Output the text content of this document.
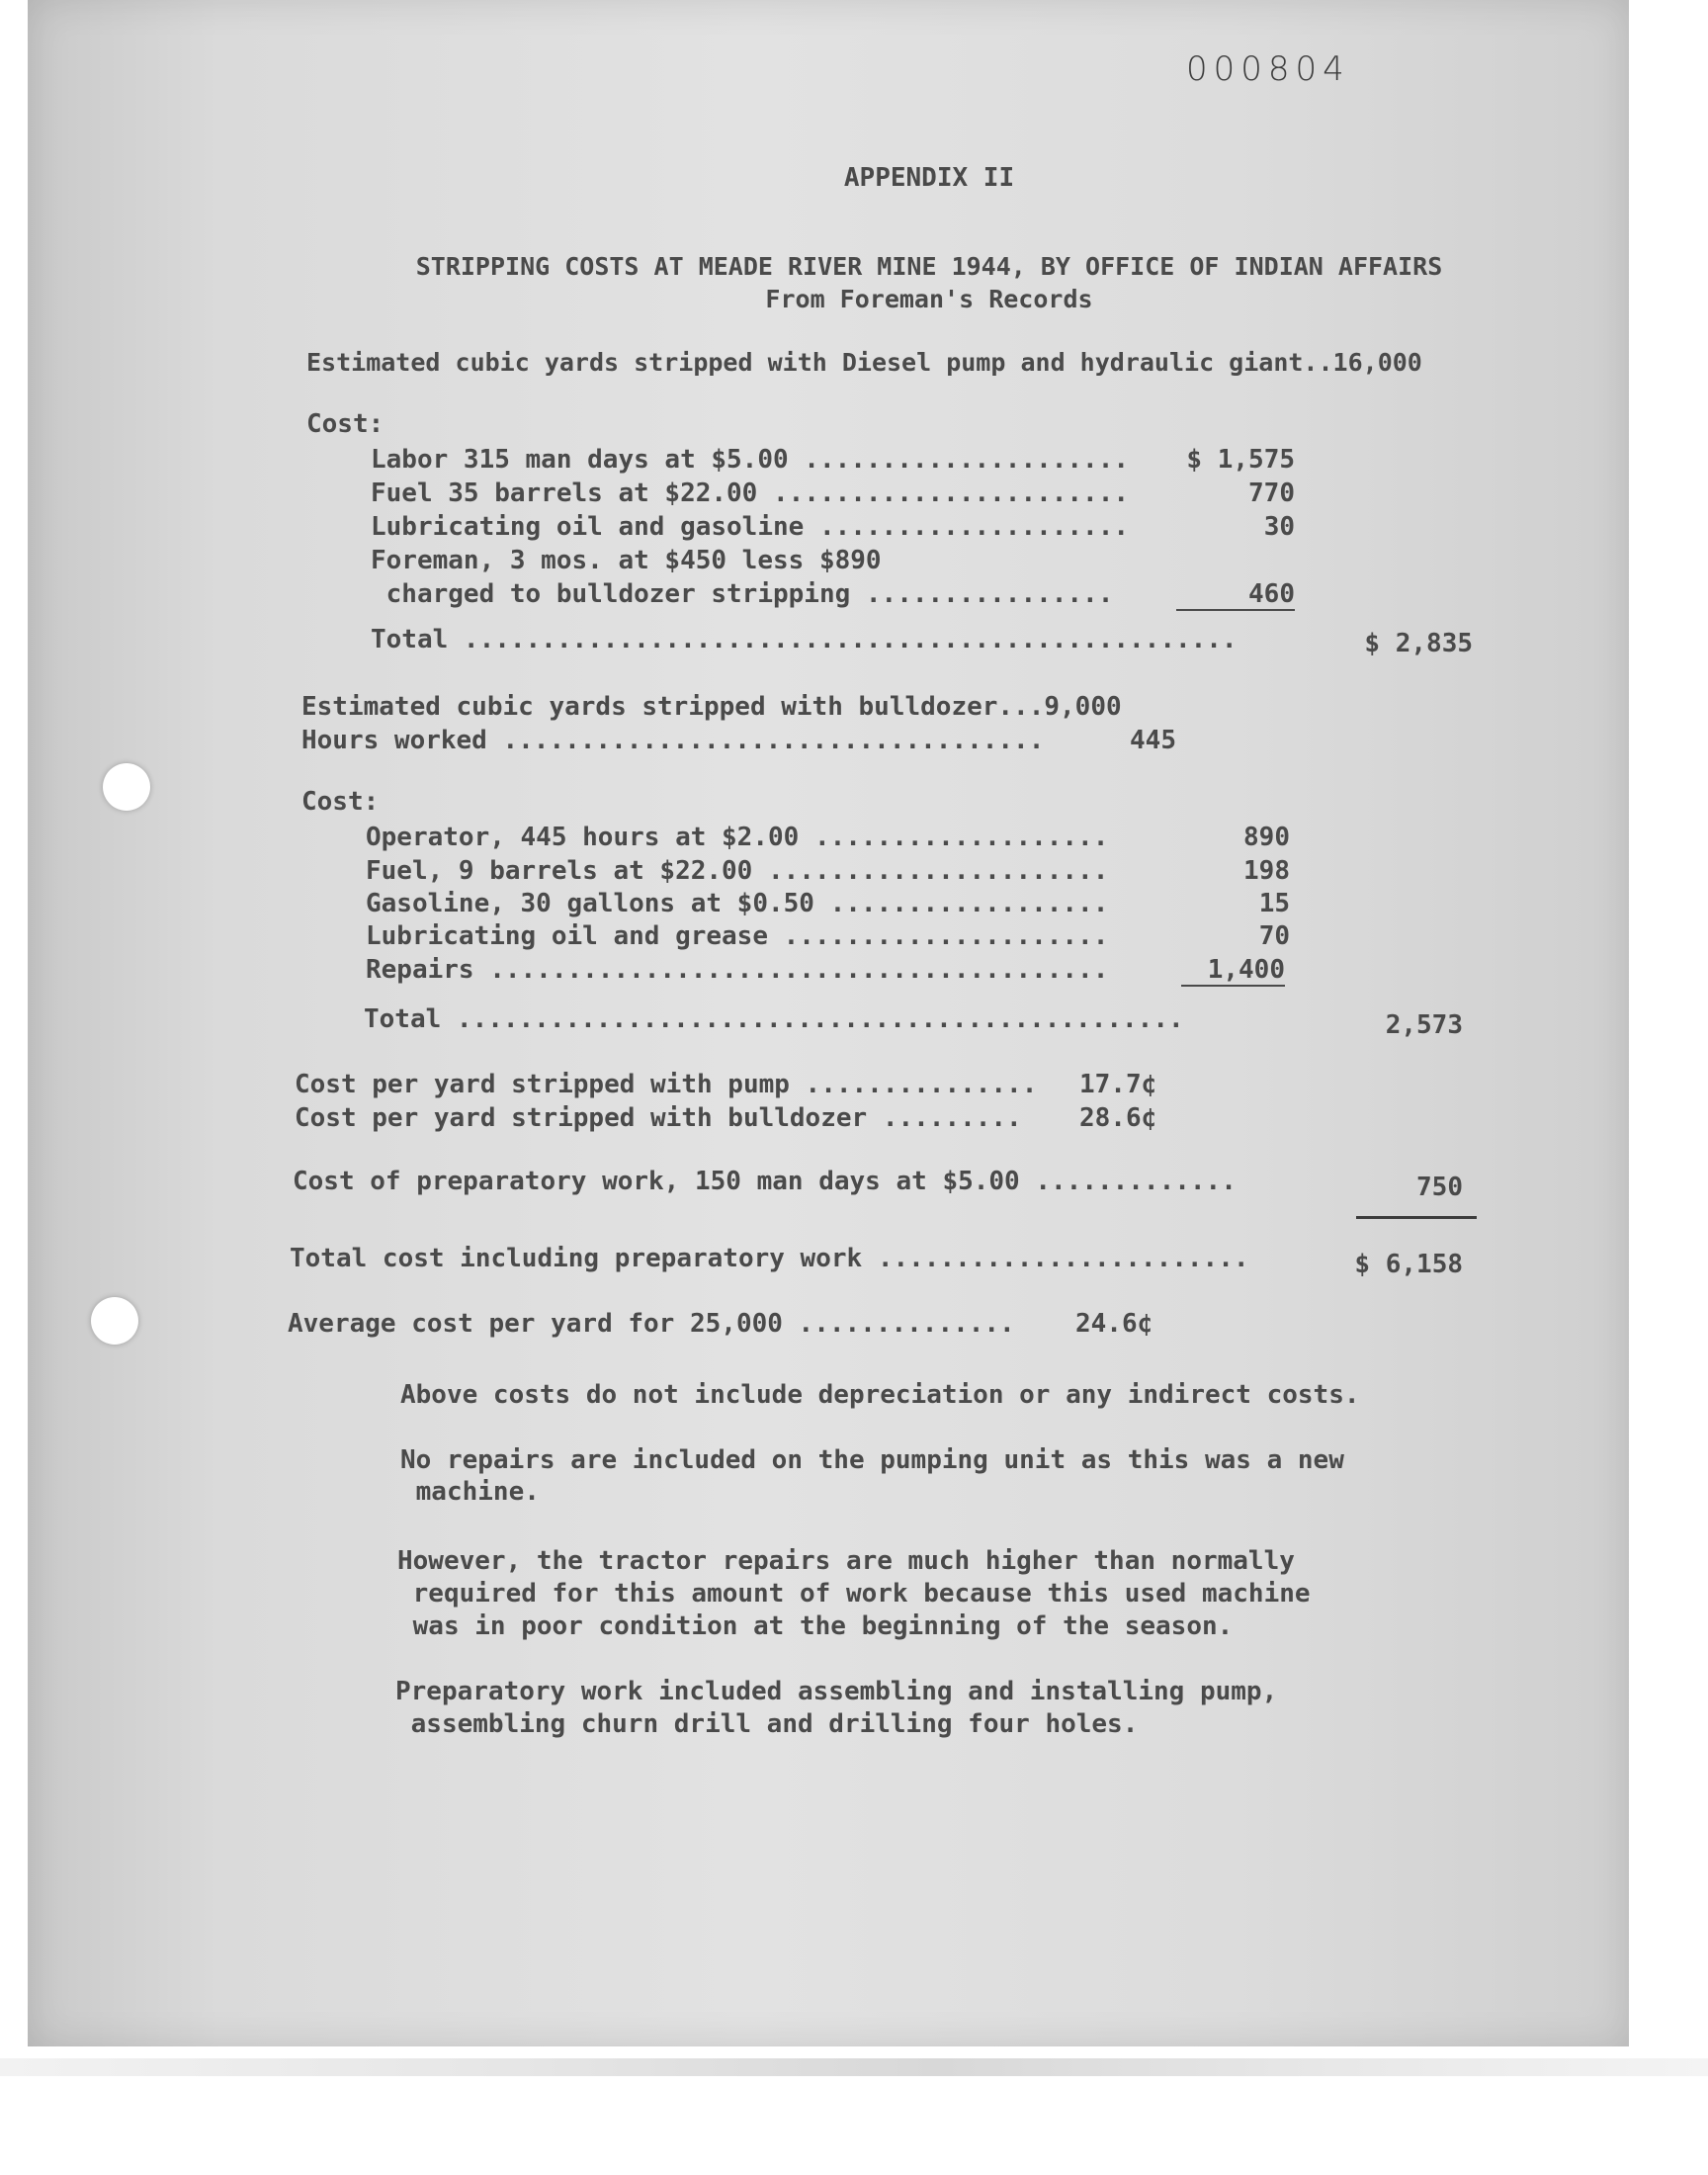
000804
APPENDIX II
STRIPPING COSTS AT MEADE RIVER MINE 1944, BY OFFICE OF INDIAN AFFAIRS
From Foreman's Records
Estimated cubic yards stripped with Diesel pump and hydraulic giant..16,000
Cost:
Labor 315 man days at $5.00 .....................	$ 1,575
Fuel 35 barrels at $22.00 .......................	770
Lubricating oil and gasoline ....................	30
Foreman, 3 mos. at $450 less $890
charged to bulldozer stripping ................	460
Total ..................................................	$ 2,835
Estimated cubic yards stripped with bulldozer...9,000
Hours worked ...................................	445
Cost:
Operator, 445 hours at $2.00 ...................	890
Fuel, 9 barrels at $22.00 ......................	198
Gasoline, 30 gallons at $0.50 ..................	15
Lubricating oil and grease .....................	70
Repairs ........................................	1,400
Total ...............................................	2,573
Cost per yard stripped with pump ............... 17.7¢
Cost per yard stripped with bulldozer ......... 28.6¢
Cost of preparatory work, 150 man days at $5.00 .............	750
Total cost including preparatory work ........................	$ 6,158
Average cost per yard for 25,000 .............. 24.6¢
Above costs do not include depreciation or any indirect costs.
No repairs are included on the pumping unit as this was a new
machine.
However, the tractor repairs are much higher than normally
required for this amount of work because this used machine
was in poor condition at the beginning of the season.
Preparatory work included assembling and installing pump,
assembling churn drill and drilling four holes.
